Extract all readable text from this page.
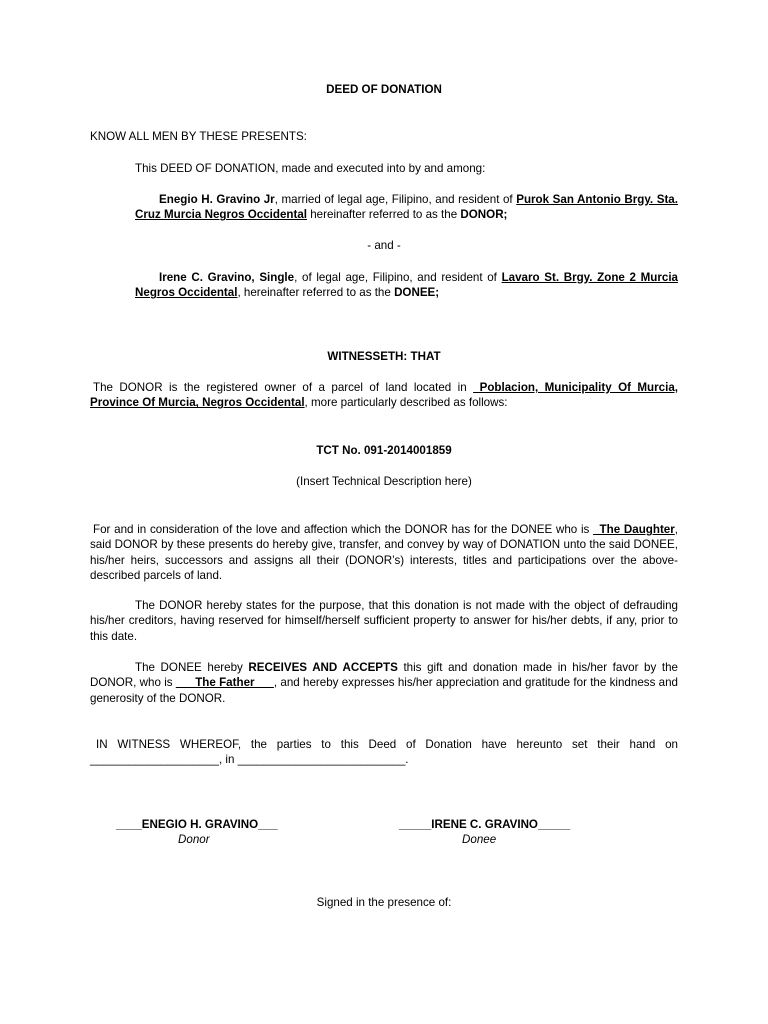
DEED OF DONATION

KNOW ALL MEN BY THESE PRESENTS:

This DEED OF DONATION, made and executed into by and among:

Enegio H. Gravino Jr, married of legal age, Filipino, and resident of Purok San Antonio Brgy. Sta. Cruz Murcia Negros Occidental hereinafter referred to as the DONOR;

- and -

Irene C. Gravino, Single, of legal age, Filipino, and resident of Lavaro St. Brgy. Zone 2 Murcia Negros Occidental, hereinafter referred to as the DONEE;

WITNESSETH: THAT

The DONOR is the registered owner of a parcel of land located in _Poblacion, Municipality Of Murcia, Province Of Murcia, Negros Occidental, more particularly described as follows:

TCT No. 091-2014001859

(Insert Technical Description here)

For and in consideration of the love and affection which the DONOR has for the DONEE who is _The Daughter, said DONOR by these presents do hereby give, transfer, and convey by way of DONATION unto the said DONEE, his/her heirs, successors and assigns all their (DONOR’s) interests, titles and participations over the above-described parcels of land.

The DONOR hereby states for the purpose, that this donation is not made with the object of defrauding his/her creditors, having reserved for himself/herself sufficient property to answer for his/her debts, if any, prior to this date.

The DONEE hereby RECEIVES AND ACCEPTS this gift and donation made in his/her favor by the DONOR, who is ___The Father___, and hereby expresses his/her appreciation and gratitude for the kindness and generosity of the DONOR.

IN WITNESS WHEREOF, the parties to this Deed of Donation have hereunto set their hand on ____________________, in __________________________.

____ENEGIO H. GRAVINO___
Donor
_____IRENE C. GRAVINO_____
Donee

Signed in the presence of:
